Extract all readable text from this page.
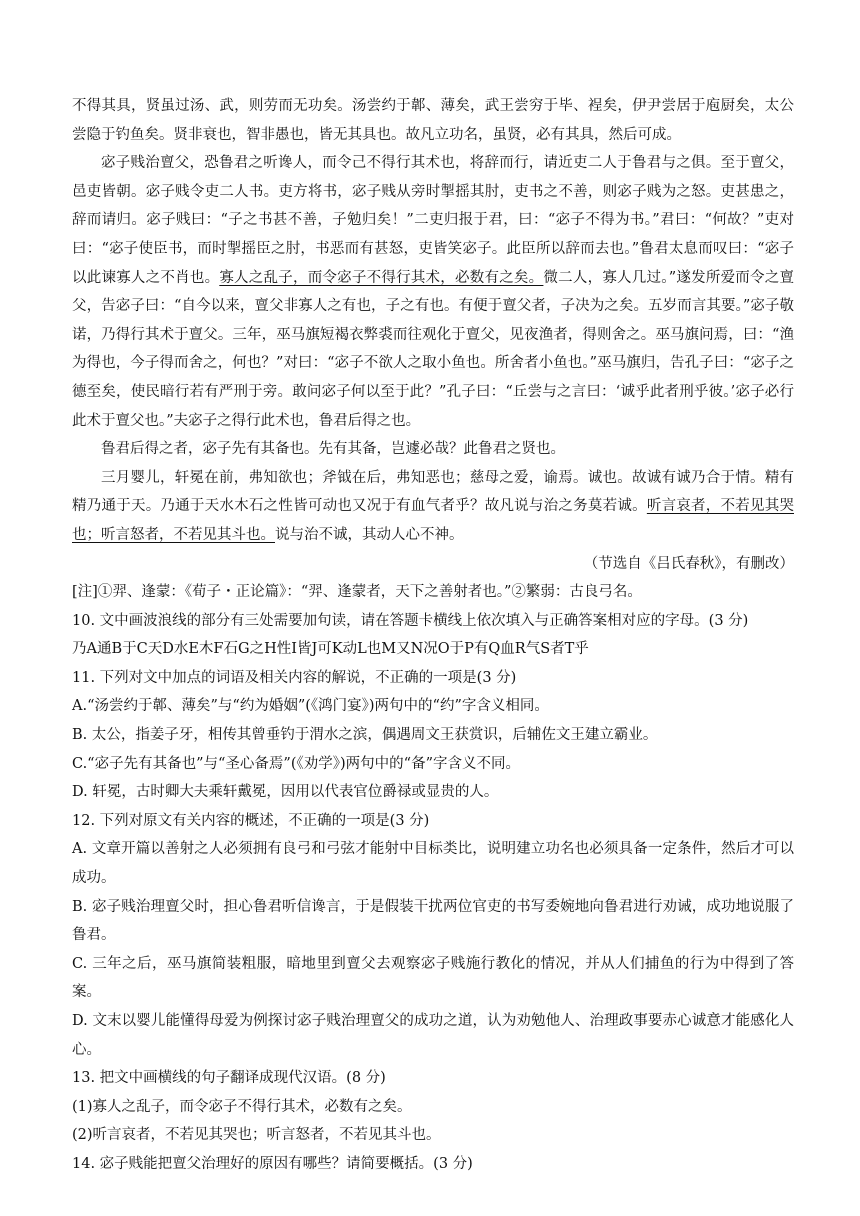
不得其具，贤虽过汤、武，则劳而无功矣。汤尝约于郼、薄矣，武王尝穷于毕、裎矣，伊尹尝居于庖厨矣，太公尝隐于钓鱼矣。贤非衰也，智非愚也，皆无其具也。故凡立功名，虽贤，必有其具，然后可成。

宓子贱治亶父，恐鲁君之听谗人，而令己不得行其术也，将辞而行，请近吏二人于鲁君与之俱。至于亶父，邑吏皆朝。宓子贱令吏二人书。吏方将书，宓子贱从旁时掣摇其肘，吏书之不善，则宓子贱为之怒。吏甚患之，辞而请归。宓子贱曰：“子之书甚不善，子勉归矣！”二吏归报于君，曰：“宓子不得为书。”君曰：“何故？”吏对曰：“宓子使臣书，而时掣摇臣之肘，书恶而有甚怒，吏皆笑宓子。此臣所以辞而去也。”鲁君太息而叹曰：“宓子以此谏寡人之不肖也。寡人之乱子，而令宓子不得行其术，必数有之矣。微二人，寡人几过。”遂发所爱而令之亶父，告宓子曰：“自今以来，亶父非寡人之有也，子之有也。有便于亶父者，子决为之矣。五岁而言其要。”宓子敬诺，乃得行其术于亶父。三年，巫马旗短褐衣弊裘而往观化于亶父，见夜渔者，得则舍之。巫马旗问焉，曰：“渔为得也，今子得而舍之，何也？”对曰：“宓子不欲人之取小鱼也。所舍者小鱼也。”巫马旗归，告孔子曰：“宓子之德至矣，使民暗行若有严刑于旁。敢问宓子何以至于此？”孔子曰：“丘尝与之言曰：‘诚乎此者刑乎彼。’宓子必行此术于亶父也。”夫宓子之得行此术也，鲁君后得之也。

鲁君后得之者，宓子先有其备也。先有其备，岂遽必哉？此鲁君之贤也。

三月婴儿，轩冕在前，弗知欲也；斧钺在后，弗知恶也；慈母之爱，谕焉。诚也。故诚有诚乃合于情。精有精乃通于天。乃通于天水木石之性皆可动也又况于有血气者乎？故凡说与治之务莫若诚。听言哀者，不若见其哭也；听言怒者，不若见其斗也。说与治不诚，其动人心不神。

（节选自《吕氏春秋》，有删改）

[注]①羿、逢蒙：《荀子・正论篇》：“羿、逢蒙者，天下之善射者也。”②繁弱：古良弓名。

10. 文中画波浪线的部分有三处需要加句读，请在答题卡横线上依次填入与正确答案相对应的字母。(3 分)

乃A通B于C天D水E木F石G之H性I皆J可K动L也M又N况O于P有Q血R气S者T乎

11. 下列对文中加点的词语及相关内容的解说，不正确的一项是(3 分)

A.“汤尝约于郼、薄矣”与“约为婚姻”(《鸿门宴》)两句中的“约”字含义相同。

B. 太公，指姜子牙，相传其曾垂钓于渭水之滨，偶遇周文王获赏识，后辅佐文王建立霸业。

C.“宓子先有其备也”与“圣心备焉”(《劝学》)两句中的“备”字含义不同。

D. 轩冕，古时卿大夫乘轩戴冕，因用以代表官位爵禄或显贵的人。

12. 下列对原文有关内容的概述，不正确的一项是(3 分)

A. 文章开篇以善射之人必须拥有良弓和弓弦才能射中目标类比，说明建立功名也必须具备一定条件，然后才可以成功。

B. 宓子贱治理亶父时，担心鲁君听信谗言，于是假装干扰两位官吏的书写委婉地向鲁君进行劝诫，成功地说服了鲁君。

C. 三年之后，巫马旗简装粗服，暗地里到亶父去观察宓子贱施行教化的情况，并从人们捕鱼的行为中得到了答案。

D. 文末以婴儿能懂得母爱为例探讨宓子贱治理亶父的成功之道，认为劝勉他人、治理政事要赤心诚意才能感化人心。

13. 把文中画横线的句子翻译成现代汉语。(8 分)

(1)寡人之乱子，而令宓子不得行其术，必数有之矣。

(2)听言哀者，不若见其哭也；听言怒者，不若见其斗也。

14. 宓子贱能把亶父治理好的原因有哪些？请简要概括。(3 分)
